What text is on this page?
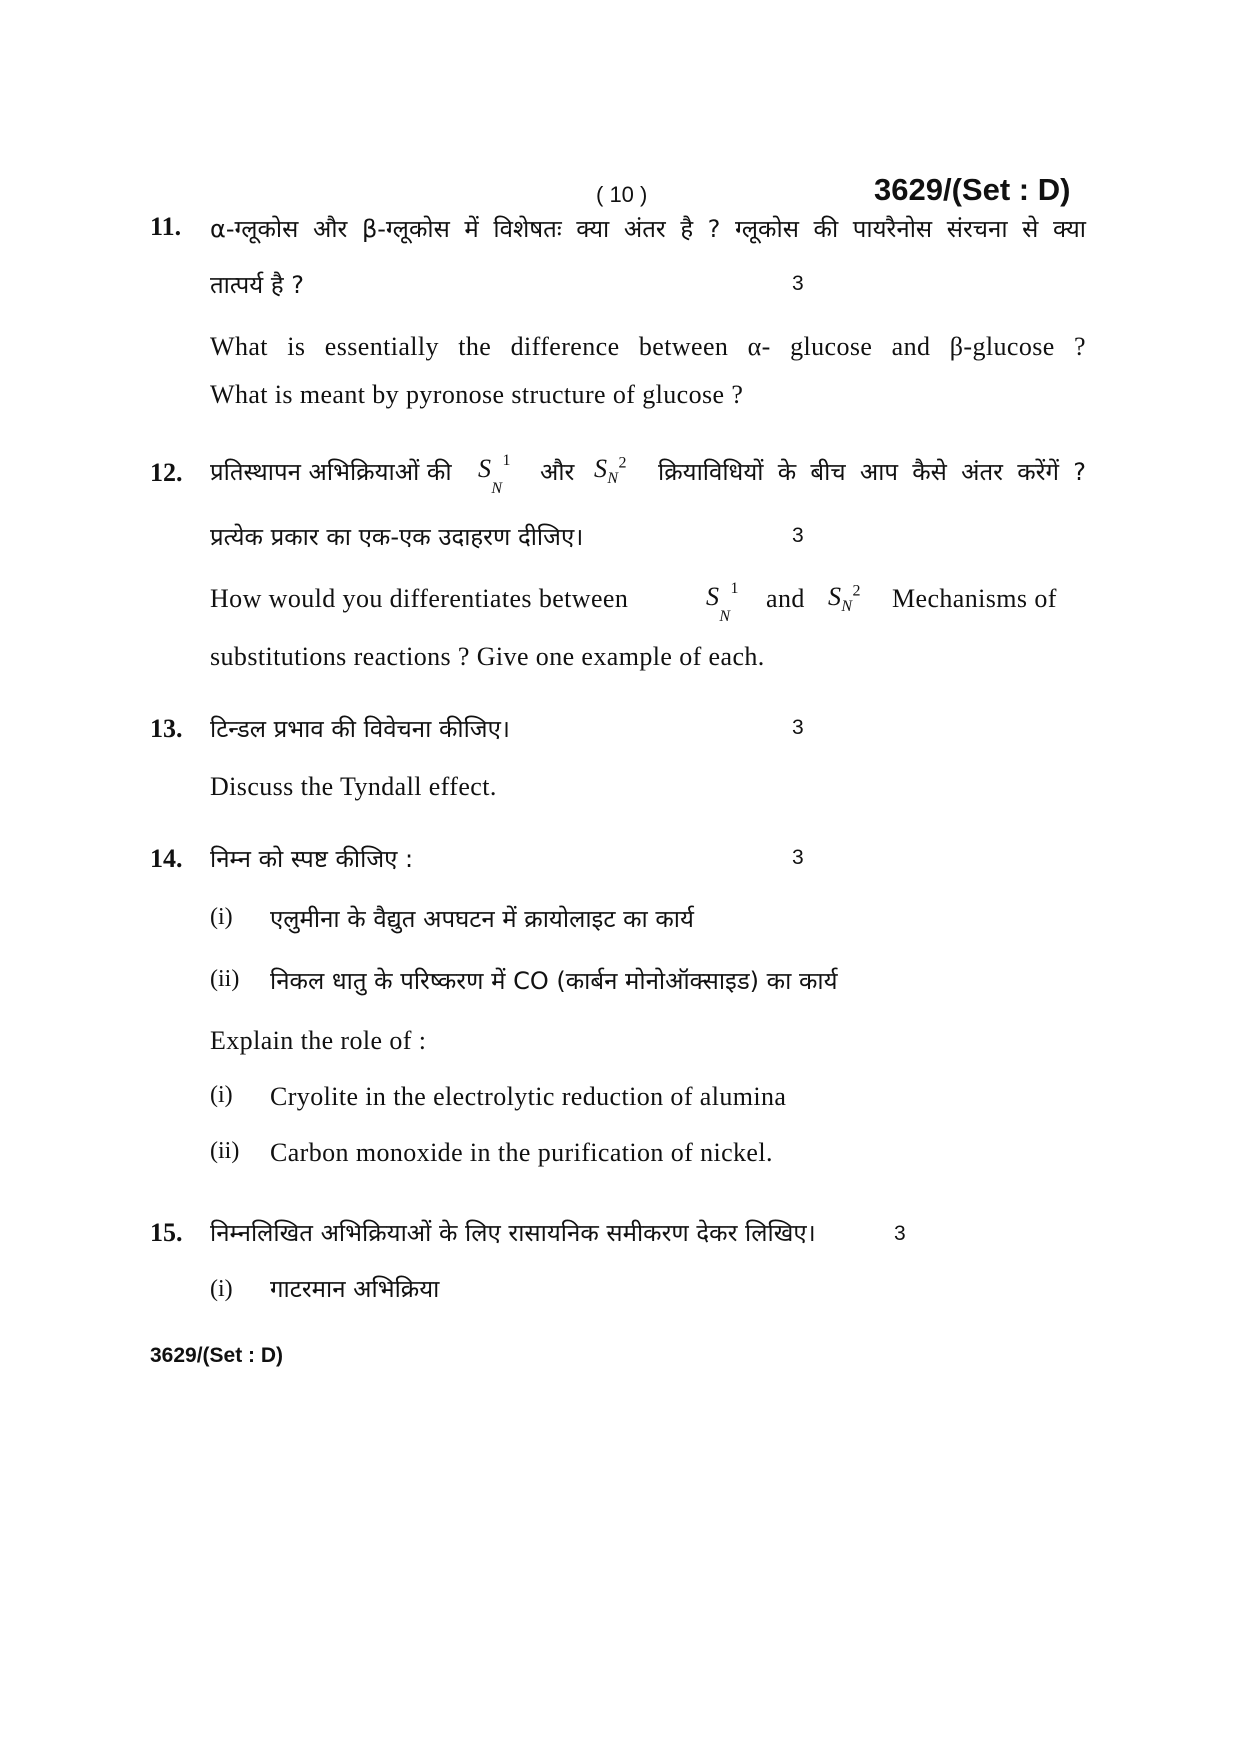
( 10 )	3629/(Set : D)
11. α-ग्लूकोस और β-ग्लूकोस में विशेषतः क्या अंतर है ? ग्लूकोस की पायरैनोस संरचना से क्या
तात्पर्य है ?	3
What is essentially the difference between α- glucose and β-glucose ?
What is meant by pyronose structure of glucose ?
12. प्रतिस्थापन अभिक्रियाओं की $S_N^1$ और $S_N^2$ क्रियाविधियों के बीच आप कैसे अंतर करेंगें ?
प्रत्येक प्रकार का एक-एक उदाहरण दीजिए।	3
How would you differentiates between	$S_N^1$ and $S_N^2$ Mechanisms of
substitutions reactions ? Give one example of each.
13. टिन्डल प्रभाव की विवेचना कीजिए।	3
Discuss the Tyndall effect.
14. निम्न को स्पष्ट कीजिए :	3
(i) एलुमीना के वैद्युत अपघटन में क्रायोलाइट का कार्य
(ii) निकल धातु के परिष्करण में CO (कार्बन मोनोऑक्साइड) का कार्य
Explain the role of :
(i) Cryolite in the electrolytic reduction of alumina
(ii) Carbon monoxide in the purification of nickel.
15. निम्नलिखित अभिक्रियाओं के लिए रासायनिक समीकरण देकर लिखिए।	3
(i) गाटरमान अभिक्रिया
3629/(Set : D)
